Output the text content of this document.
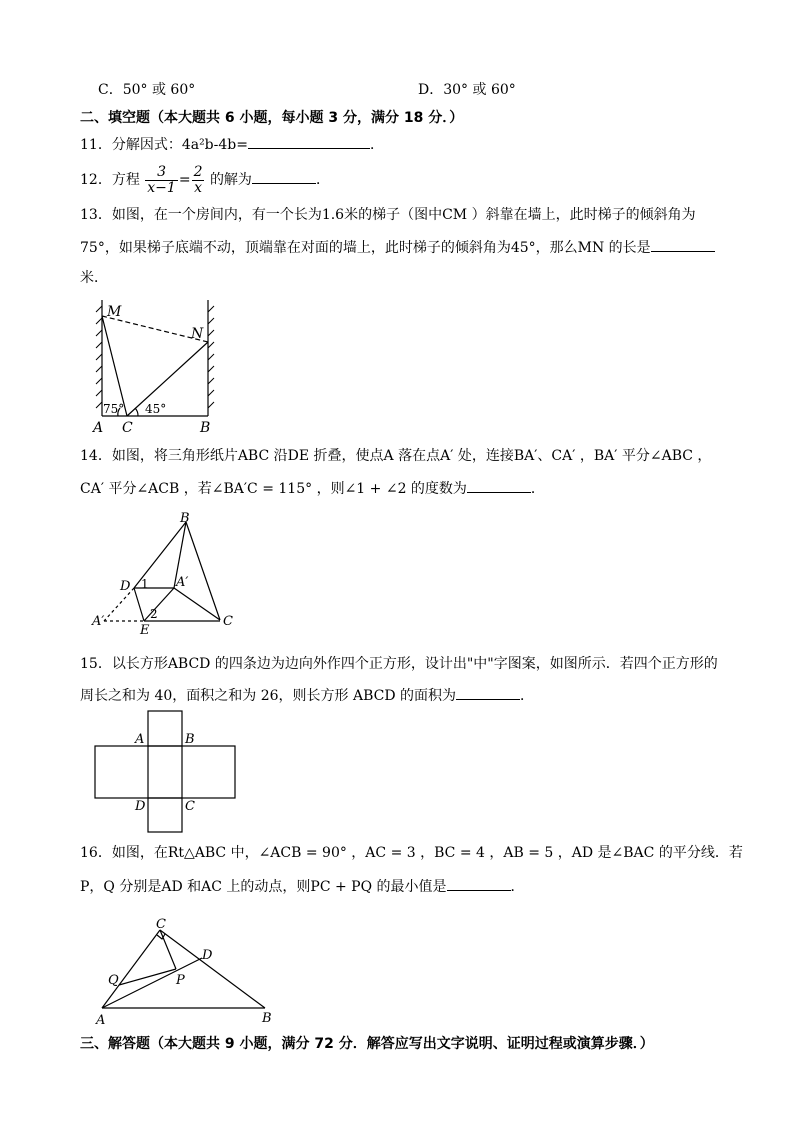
C．50° 或 60°	D．30° 或 60°
二、填空题（本大题共 6 小题，每小题 3 分，满分 18 分．）
11．分解因式：4a²b-4b=	．
12．方程 $\frac{3}{x-1} = \frac{2}{x}$ 的解为	．
13．如图，在一个房间内，有一个长为1.6米的梯子（图中CM ）斜靠在墙上，此时梯子的倾斜角为
75°，如果梯子底端不动，顶端靠在对面的墙上，此时梯子的倾斜角为45°，那么MN 的长是
米．
M
N
A C	B
75° 45°
14．如图，将三角形纸片ABC 沿DE 折叠，使点A 落在点A′ 处，连接BA′、CA′ ，BA′ 平分∠ABC ，
CA′ 平分∠ACB ，若∠BA′C = 115° ，则∠1 + ∠2 的度数为	．
B
D	A′
A′
E
C
1
2
15．以长方形ABCD 的四条边为边向外作四个正方形，设计出"中"字图案，如图所示．若四个正方形的
周长之和为 40，面积之和为 26，则长方形 ABCD 的面积为	．
A	B
D	C
16．如图，在Rt△ABC 中，∠ACB = 90° ，AC = 3 ，BC = 4 ，AB = 5 ，AD 是∠BAC 的平分线．若
P，Q 分别是AD 和AC 上的动点，则PC + PQ 的最小值是	．
C
D
Q	P
A	B
三、解答题（本大题共 9 小题，满分 72 分．解答应写出文字说明、证明过程或演算步骤．）
